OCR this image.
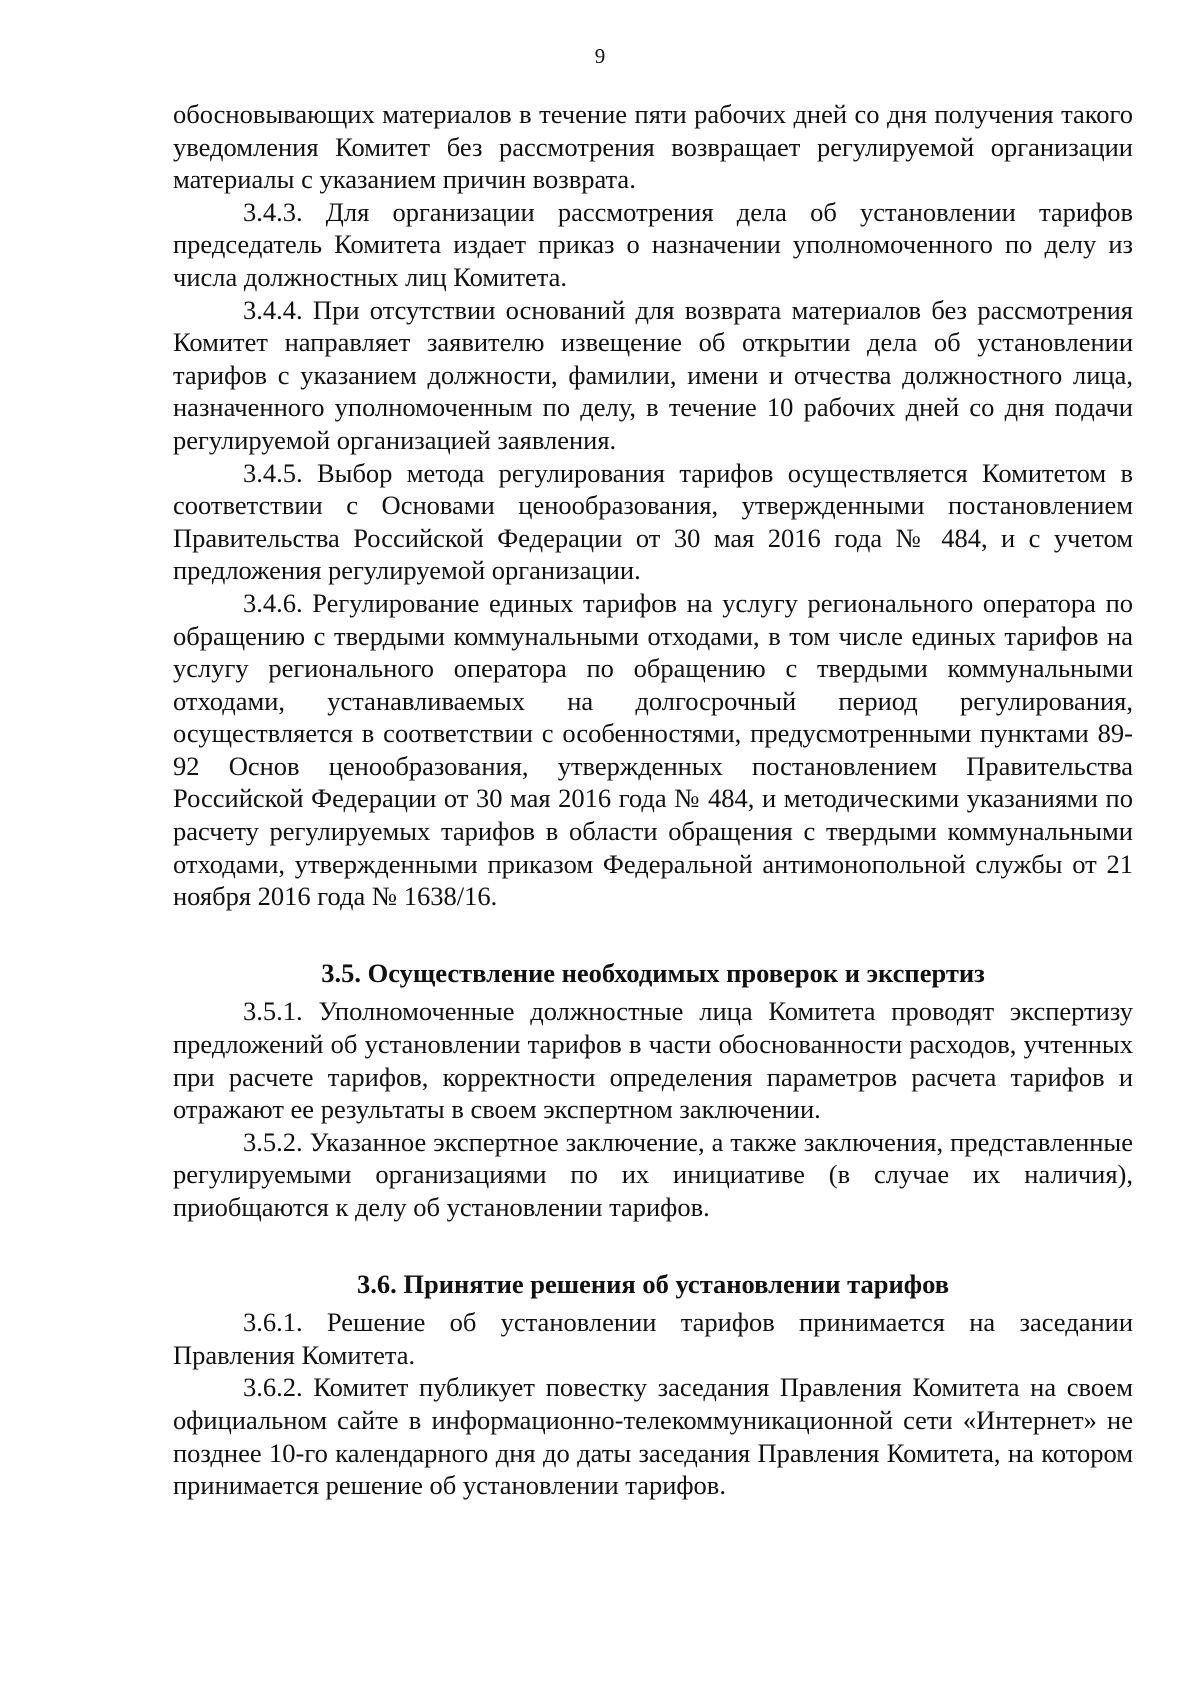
9

обосновывающих материалов в течение пяти рабочих дней со дня получения такого уведомления Комитет без рассмотрения возвращает регулируемой организации материалы с указанием причин возврата.

3.4.3. Для организации рассмотрения дела об установлении тарифов председатель Комитета издает приказ о назначении уполномоченного по делу из числа должностных лиц Комитета.

3.4.4. При отсутствии оснований для возврата материалов без рассмотрения Комитет направляет заявителю извещение об открытии дела об установлении тарифов с указанием должности, фамилии, имени и отчества должностного лица, назначенного уполномоченным по делу, в течение 10 рабочих дней со дня подачи регулируемой организацией заявления.

3.4.5. Выбор метода регулирования тарифов осуществляется Комитетом в соответствии с Основами ценообразования, утвержденными постановлением Правительства Российской Федерации от 30 мая 2016 года № 484, и с учетом предложения регулируемой организации.

3.4.6. Регулирование единых тарифов на услугу регионального оператора по обращению с твердыми коммунальными отходами, в том числе единых тарифов на услугу регионального оператора по обращению с твердыми коммунальными отходами, устанавливаемых на долгосрочный период регулирования, осуществляется в соответствии с особенностями, предусмотренными пунктами 89-92 Основ ценообразования, утвержденных постановлением Правительства Российской Федерации от 30 мая 2016 года № 484, и методическими указаниями по расчету регулируемых тарифов в области обращения с твердыми коммунальными отходами, утвержденными приказом Федеральной антимонопольной службы от 21 ноября 2016 года № 1638/16.

3.5. Осуществление необходимых проверок и экспертиз

3.5.1. Уполномоченные должностные лица Комитета проводят экспертизу предложений об установлении тарифов в части обоснованности расходов, учтенных при расчете тарифов, корректности определения параметров расчета тарифов и отражают ее результаты в своем экспертном заключении.

3.5.2. Указанное экспертное заключение, а также заключения, представленные регулируемыми организациями по их инициативе (в случае их наличия), приобщаются к делу об установлении тарифов.

3.6. Принятие решения об установлении тарифов

3.6.1. Решение об установлении тарифов принимается на заседании Правления Комитета.

3.6.2. Комитет публикует повестку заседания Правления Комитета на своем официальном сайте в информационно-телекоммуникационной сети «Интернет» не позднее 10-го календарного дня до даты заседания Правления Комитета, на котором принимается решение об установлении тарифов.
